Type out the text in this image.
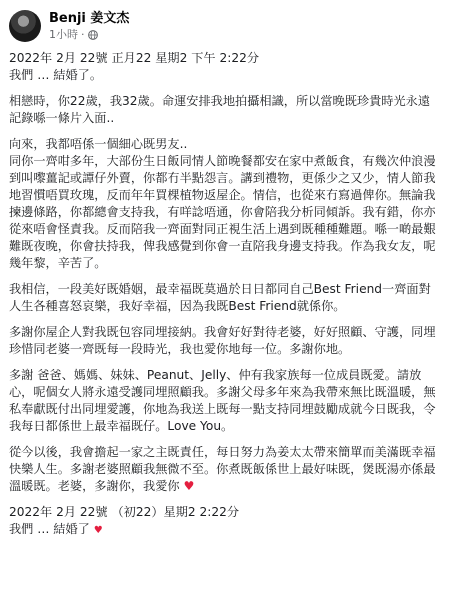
Benji 姜文杰
1小時 ·

2022年 2月 22號 正月22 星期2 下午 2:22分
我們 … 結婚了。

相戀時，你22歲，我32歲。命運安排我地拍攝相識，所以當晚既珍貴時光永遠記錄喺一條片入面..

向來，我都唔係一個細心既男友..
同你一齊咁多年，大部份生日飯同情人節晚餐都安在家中煮飯食，有幾次仲浪漫到叫嚟薑記或譚仔外賣，你都冇半點怨言。講到禮物，更係少之又少，情人節我地習慣唔買玫瑰，反而年年買棵植物返屋企。情信，也從來冇寫過俾你。無論我揀邊條路，你都總會支持我，有咩諗唔通，你會陪我分析同傾訴。我有錯，你亦從來唔會怪責我。反而陪我一齊面對同正視生活上遇到既種種難題。喺一啲最艱難既夜晚，你會扶持我，俾我感覺到你會一直陪我身邊支持我。作為我女友，呢幾年黎，辛苦了。

我相信，一段美好既婚姻，最幸福既莫過於日日都同自己Best Friend一齊面對人生各種喜怒哀樂，我好幸福，因為我既Best Friend就係你。

多謝你屋企人對我既包容同埋接納。我會好好對待老婆，好好照顧、守護，同埋珍惜同老婆一齊既每一段時光，我也愛你地每一位。多謝你地。

多謝 爸爸、媽媽、妹妹、Peanut、Jelly、仲有我家族每一位成員既愛。請放心，呢個女人將永遠受護同埋照顧我。多謝父母多年來為我帶來無比既溫暖，無私奉獻既付出同埋愛護，你地為我送上既每一點支持同埋鼓勵成就今日既我，令我每日都係世上最幸福既仔。Love You。

從今以後，我會擔起一家之主既責任，每日努力為姜太太帶來簡單而美滿既幸福快樂人生。多謝老婆照顧我無微不至。你煮既飯係世上最好味既，煲既湯亦係最溫暖既。老婆，多謝你，我愛你 ♥

2022年 2月 22號 （初22）星期2 2:22分
我們 … 結婚了 ♥
